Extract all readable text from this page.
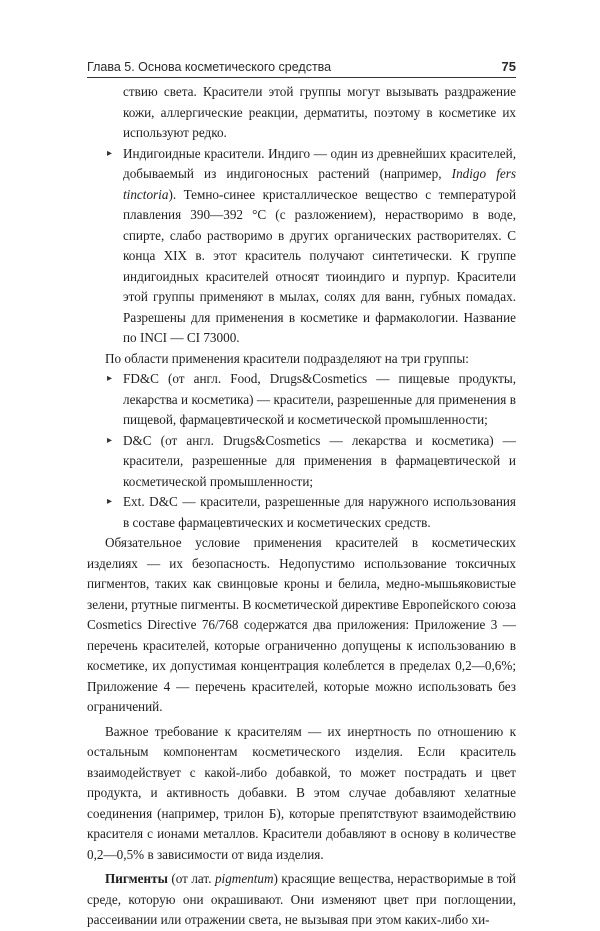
Глава 5. Основа косметического средства	75

ствию света. Красители этой группы могут вызывать раздражение кожи, аллергические реакции, дерматиты, поэтому в косметике их используют редко.

▸ Индигоидные красители. Индиго — один из древнейших красителей, добываемый из индигоносных растений (например, Indigo fers tinctoria). Темно-синее кристаллическое вещество с температурой плавления 390—392 °С (с разложением), нерастворимо в воде, спирте, слабо растворимо в других органических растворителях. С конца XIX в. этот краситель получают синтетически. К группе индигоидных красителей относят тиоиндиго и пурпур. Красители этой группы применяют в мылах, солях для ванн, губных помадах. Разрешены для применения в косметике и фармакологии. Название по INCI — CI 73000.

По области применения красители подразделяют на три группы:

▸ FD&C (от англ. Food, Drugs&Cosmetics — пищевые продукты, лекарства и косметика) — красители, разрешенные для применения в пищевой, фармацевтической и косметической промышленности;

▸ D&C (от англ. Drugs&Cosmetics — лекарства и косметика) — красители, разрешенные для применения в фармацевтической и косметической промышленности;

▸ Ext. D&C — красители, разрешенные для наружного использования в составе фармацевтических и косметических средств.

Обязательное условие применения красителей в косметических изделиях — их безопасность. Недопустимо использование токсичных пигментов, таких как свинцовые кроны и белила, медно-мышьяковистые зелени, ртутные пигменты. В косметической директиве Европейского союза Cosmetics Directive 76/768 содержатся два приложения: Приложение 3 — перечень красителей, которые ограниченно допущены к использованию в косметике, их допустимая концентрация колеблется в пределах 0,2—0,6%; Приложение 4 — перечень красителей, которые можно использовать без ограничений.

Важное требование к красителям — их инертность по отношению к остальным компонентам косметического изделия. Если краситель взаимодействует с какой-либо добавкой, то может пострадать и цвет продукта, и активность добавки. В этом случае добавляют хелатные соединения (например, трилон Б), которые препятствуют взаимодействию красителя с ионами металлов. Красители добавляют в основу в количестве 0,2—0,5% в зависимости от вида изделия.

Пигменты (от лат. pigmentum) красящие вещества, нерастворимые в той среде, которую они окрашивают. Они изменяют цвет при поглощении, рассеивании или отражении света, не вызывая при этом каких-либо хи-
